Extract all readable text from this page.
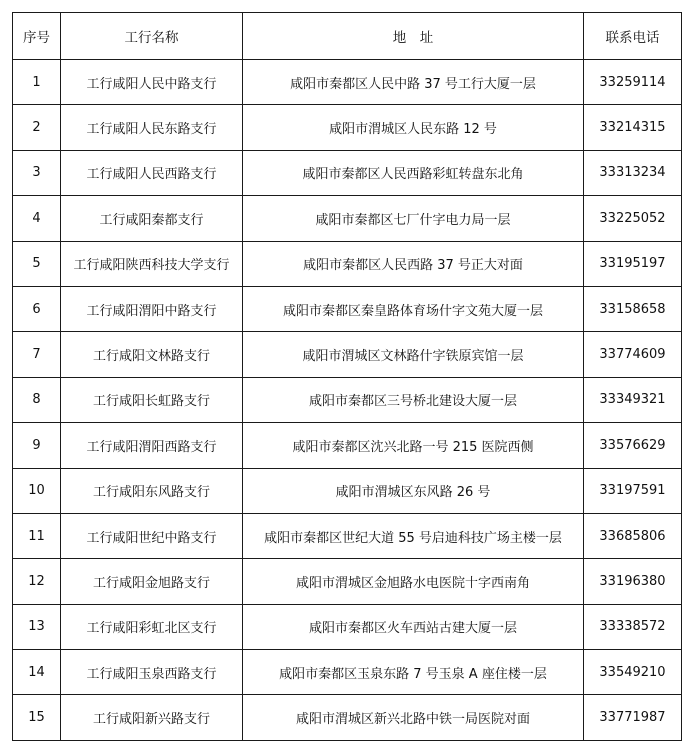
序号	工行名称	地　址	联系电话
1	工行咸阳人民中路支行	咸阳市秦都区人民中路 37 号工行大厦一层	33259114
2	工行咸阳人民东路支行	咸阳市渭城区人民东路 12 号	33214315
3	工行咸阳人民西路支行	咸阳市秦都区人民西路彩虹转盘东北角	33313234
4	工行咸阳秦都支行	咸阳市秦都区七厂什字电力局一层	33225052
5	工行咸阳陕西科技大学支行	咸阳市秦都区人民西路 37 号正大对面	33195197
6	工行咸阳渭阳中路支行	咸阳市秦都区秦皇路体育场什字文苑大厦一层	33158658
7	工行咸阳文林路支行	咸阳市渭城区文林路什字铁原宾馆一层	33774609
8	工行咸阳长虹路支行	咸阳市秦都区三号桥北建设大厦一层	33349321
9	工行咸阳渭阳西路支行	咸阳市秦都区沈兴北路一号 215 医院西侧	33576629
10	工行咸阳东风路支行	咸阳市渭城区东风路 26 号	33197591
11	工行咸阳世纪中路支行	咸阳市秦都区世纪大道 55 号启迪科技广场主楼一层	33685806
12	工行咸阳金旭路支行	咸阳市渭城区金旭路水电医院十字西南角	33196380
13	工行咸阳彩虹北区支行	咸阳市秦都区火车西站古建大厦一层	33338572
14	工行咸阳玉泉西路支行	咸阳市秦都区玉泉东路 7 号玉泉 A 座住楼一层	33549210
15	工行咸阳新兴路支行	咸阳市渭城区新兴北路中铁一局医院对面	33771987
